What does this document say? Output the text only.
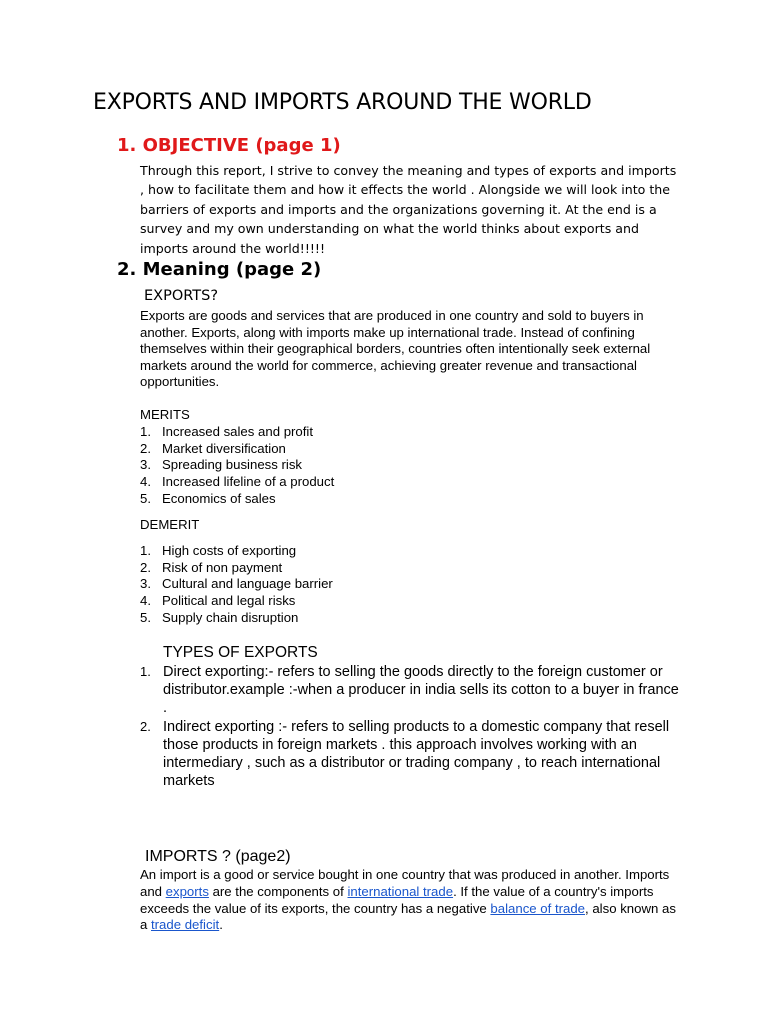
EXPORTS AND IMPORTS AROUND THE WORLD
1. OBJECTIVE (page 1)

Through this report, I strive to convey the meaning and types of exports and imports , how to facilitate them and how it effects the world . Alongside we will look into the barriers of exports and imports and the organizations governing it. At the end is a survey and my own understanding on what the world thinks about exports and imports around the world!!!!!

2. Meaning (page 2)

EXPORTS?

Exports are goods and services that are produced in one country and sold to buyers in another. Exports, along with imports make up international trade. Instead of confining themselves within their geographical borders, countries often intentionally seek external markets around the world for commerce, achieving greater revenue and transactional opportunities.

MERITS

1. Increased sales and profit
2. Market diversification
3. Spreading business risk
4. Increased lifeline of a product
5. Economics of sales

DEMERIT

1. High costs of exporting
2. Risk of non payment
3. Cultural and language barrier
4. Political and legal risks
5. Supply chain disruption

TYPES OF EXPORTS

1. Direct exporting:- refers to selling the goods directly to the foreign customer or distributor.example :-when a producer in india sells its cotton to a buyer in france .
2. Indirect exporting :- refers to selling products to a domestic company that resell those products in foreign markets . this approach involves working with an intermediary , such as a distributor or trading company , to reach international markets

IMPORTS ? (page2)

An import is a good or service bought in one country that was produced in another. Imports and exports are the components of international trade. If the value of a country's imports exceeds the value of its exports, the country has a negative balance of trade, also known as a trade deficit.
